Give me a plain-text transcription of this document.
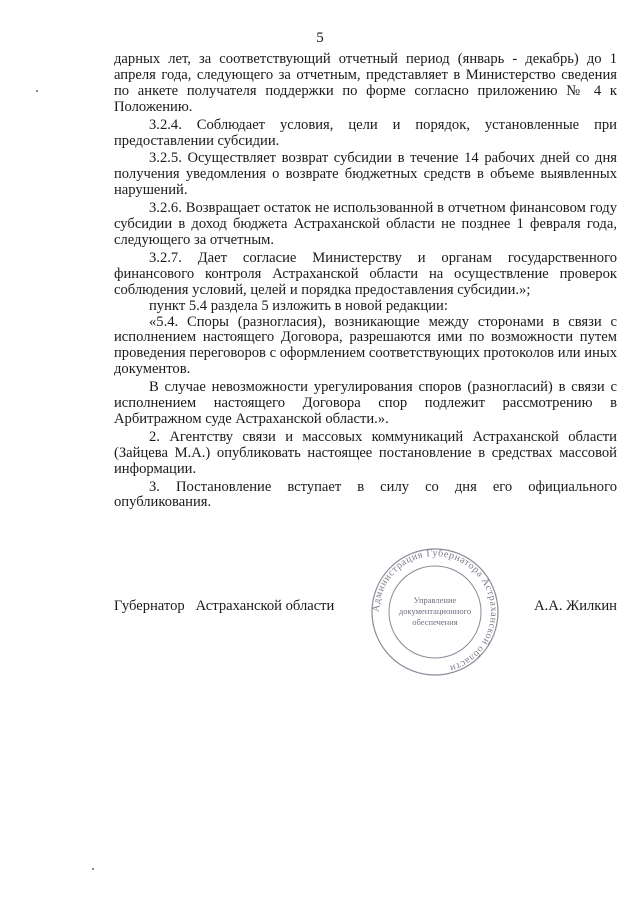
5

дарных лет, за соответствующий отчетный период (январь - декабрь) до 1 апреля года, следующего за отчетным, представляет в Министерство сведения по анкете получателя поддержки по форме согласно приложению № 4 к Положению.

3.2.4. Соблюдает условия, цели и порядок, установленные при предоставлении субсидии.

3.2.5. Осуществляет возврат субсидии в течение 14 рабочих дней со дня получения уведомления о возврате бюджетных средств в объеме выявленных нарушений.

3.2.6. Возвращает остаток не использованной в отчетном финансовом году субсидии в доход бюджета Астраханской области не позднее 1 февраля года, следующего за отчетным.

3.2.7. Дает согласие Министерству и органам государственного финансового контроля Астраханской области на осуществление проверок соблюдения условий, целей и порядка предоставления субсидии.»;

пункт 5.4 раздела 5 изложить в новой редакции:

«5.4. Споры (разногласия), возникающие между сторонами в связи с исполнением настоящего Договора, разрешаются ими по возможности путем проведения переговоров с оформлением соответствующих протоколов или иных документов.

В случае невозможности урегулирования споров (разногласий) в связи с исполнением настоящего Договора спор подлежит рассмотрению в Арбитражном суде Астраханской области.».

2. Агентству связи и массовых коммуникаций Астраханской области (Зайцева М.А.) опубликовать настоящее постановление в средствах массовой информации.

3. Постановление вступает в силу со дня его официального опубликования.

Губернатор   Астраханской области	А.А. Жилкин
Администрация Губернатора Астраханской области
Управление
документационного
обеспечения
